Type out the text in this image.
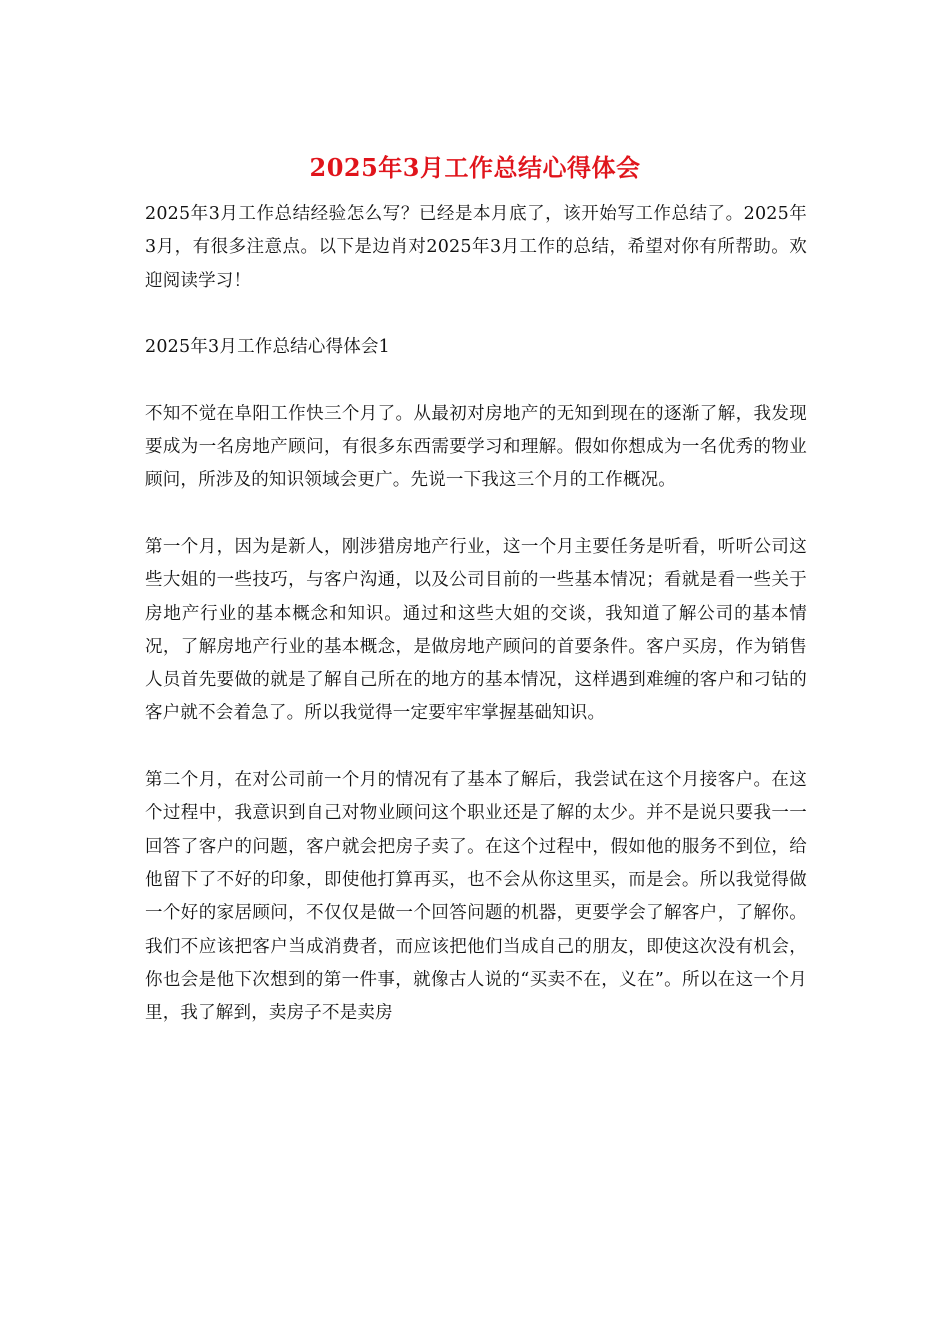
2025年3月工作总结心得体会

2025年3月工作总结经验怎么写？已经是本月底了，该开始写工作总结了。2025年3月，有很多注意点。以下是边肖对2025年3月工作的总结，希望对你有所帮助。欢迎阅读学习！

2025年3月工作总结心得体会1

不知不觉在阜阳工作快三个月了。从最初对房地产的无知到现在的逐渐了解，我发现要成为一名房地产顾问，有很多东西需要学习和理解。假如你想成为一名优秀的物业顾问，所涉及的知识领域会更广。先说一下我这三个月的工作概况。

第一个月，因为是新人，刚涉猎房地产行业，这一个月主要任务是听看，听听公司这些大姐的一些技巧，与客户沟通，以及公司目前的一些基本情况；看就是看一些关于房地产行业的基本概念和知识。通过和这些大姐的交谈，我知道了解公司的基本情况，了解房地产行业的基本概念，是做房地产顾问的首要条件。客户买房，作为销售人员首先要做的就是了解自己所在的地方的基本情况，这样遇到难缠的客户和刁钻的客户就不会着急了。所以我觉得一定要牢牢掌握基础知识。

第二个月，在对公司前一个月的情况有了基本了解后，我尝试在这个月接客户。在这个过程中，我意识到自己对物业顾问这个职业还是了解的太少。并不是说只要我一一回答了客户的问题，客户就会把房子卖了。在这个过程中，假如他的服务不到位，给他留下了不好的印象，即使他打算再买，也不会从你这里买，而是会。所以我觉得做一个好的家居顾问，不仅仅是做一个回答问题的机器，更要学会了解客户，了解你。我们不应该把客户当成消费者，而应该把他们当成自己的朋友，即使这次没有机会，你也会是他下次想到的第一件事，就像古人说的“买卖不在，义在”。所以在这一个月里，我了解到，卖房子不是卖房
